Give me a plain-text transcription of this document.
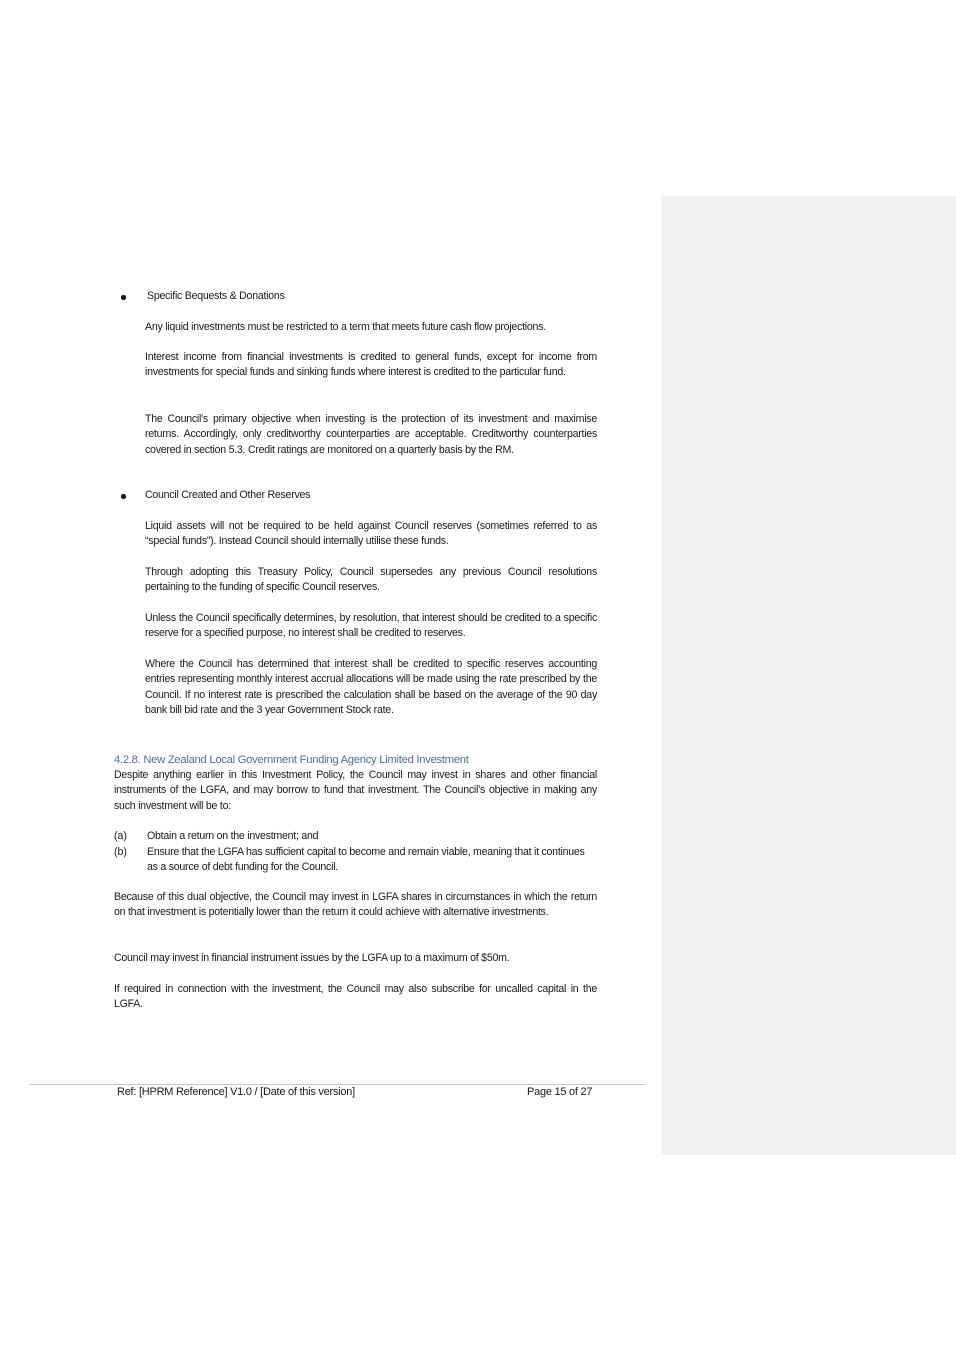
Specific Bequests & Donations
Any liquid investments must be restricted to a term that meets future cash flow projections.
Interest income from financial investments is credited to general funds, except for income from investments for special funds and sinking funds where interest is credited to the particular fund.
The Council's primary objective when investing is the protection of its investment and maximise returns. Accordingly, only creditworthy counterparties are acceptable. Creditworthy counterparties covered in section 5.3. Credit ratings are monitored on a quarterly basis by the RM.
Council Created and Other Reserves
Liquid assets will not be required to be held against Council reserves (sometimes referred to as “special funds”). Instead Council should internally utilise these funds.
Through adopting this Treasury Policy, Council supersedes any previous Council resolutions pertaining to the funding of specific Council reserves.
Unless the Council specifically determines, by resolution, that interest should be credited to a specific reserve for a specified purpose, no interest shall be credited to reserves.
Where the Council has determined that interest shall be credited to specific reserves accounting entries representing monthly interest accrual allocations will be made using the rate prescribed by the Council. If no interest rate is prescribed the calculation shall be based on the average of the 90 day bank bill bid rate and the 3 year Government Stock rate.
4.2.8. New Zealand Local Government Funding Agency Limited Investment
Despite anything earlier in this Investment Policy, the Council may invest in shares and other financial instruments of the LGFA, and may borrow to fund that investment. The Council’s objective in making any such investment will be to:
(a) Obtain a return on the investment; and
(b) Ensure that the LGFA has sufficient capital to become and remain viable, meaning that it continues as a source of debt funding for the Council.
Because of this dual objective, the Council may invest in LGFA shares in circumstances in which the return on that investment is potentially lower than the return it could achieve with alternative investments.
Council may invest in financial instrument issues by the LGFA up to a maximum of $50m.
If required in connection with the investment, the Council may also subscribe for uncalled capital in the LGFA.
Ref: [HPRM Reference] V1.0 / [Date of this version]	Page 15 of 27
